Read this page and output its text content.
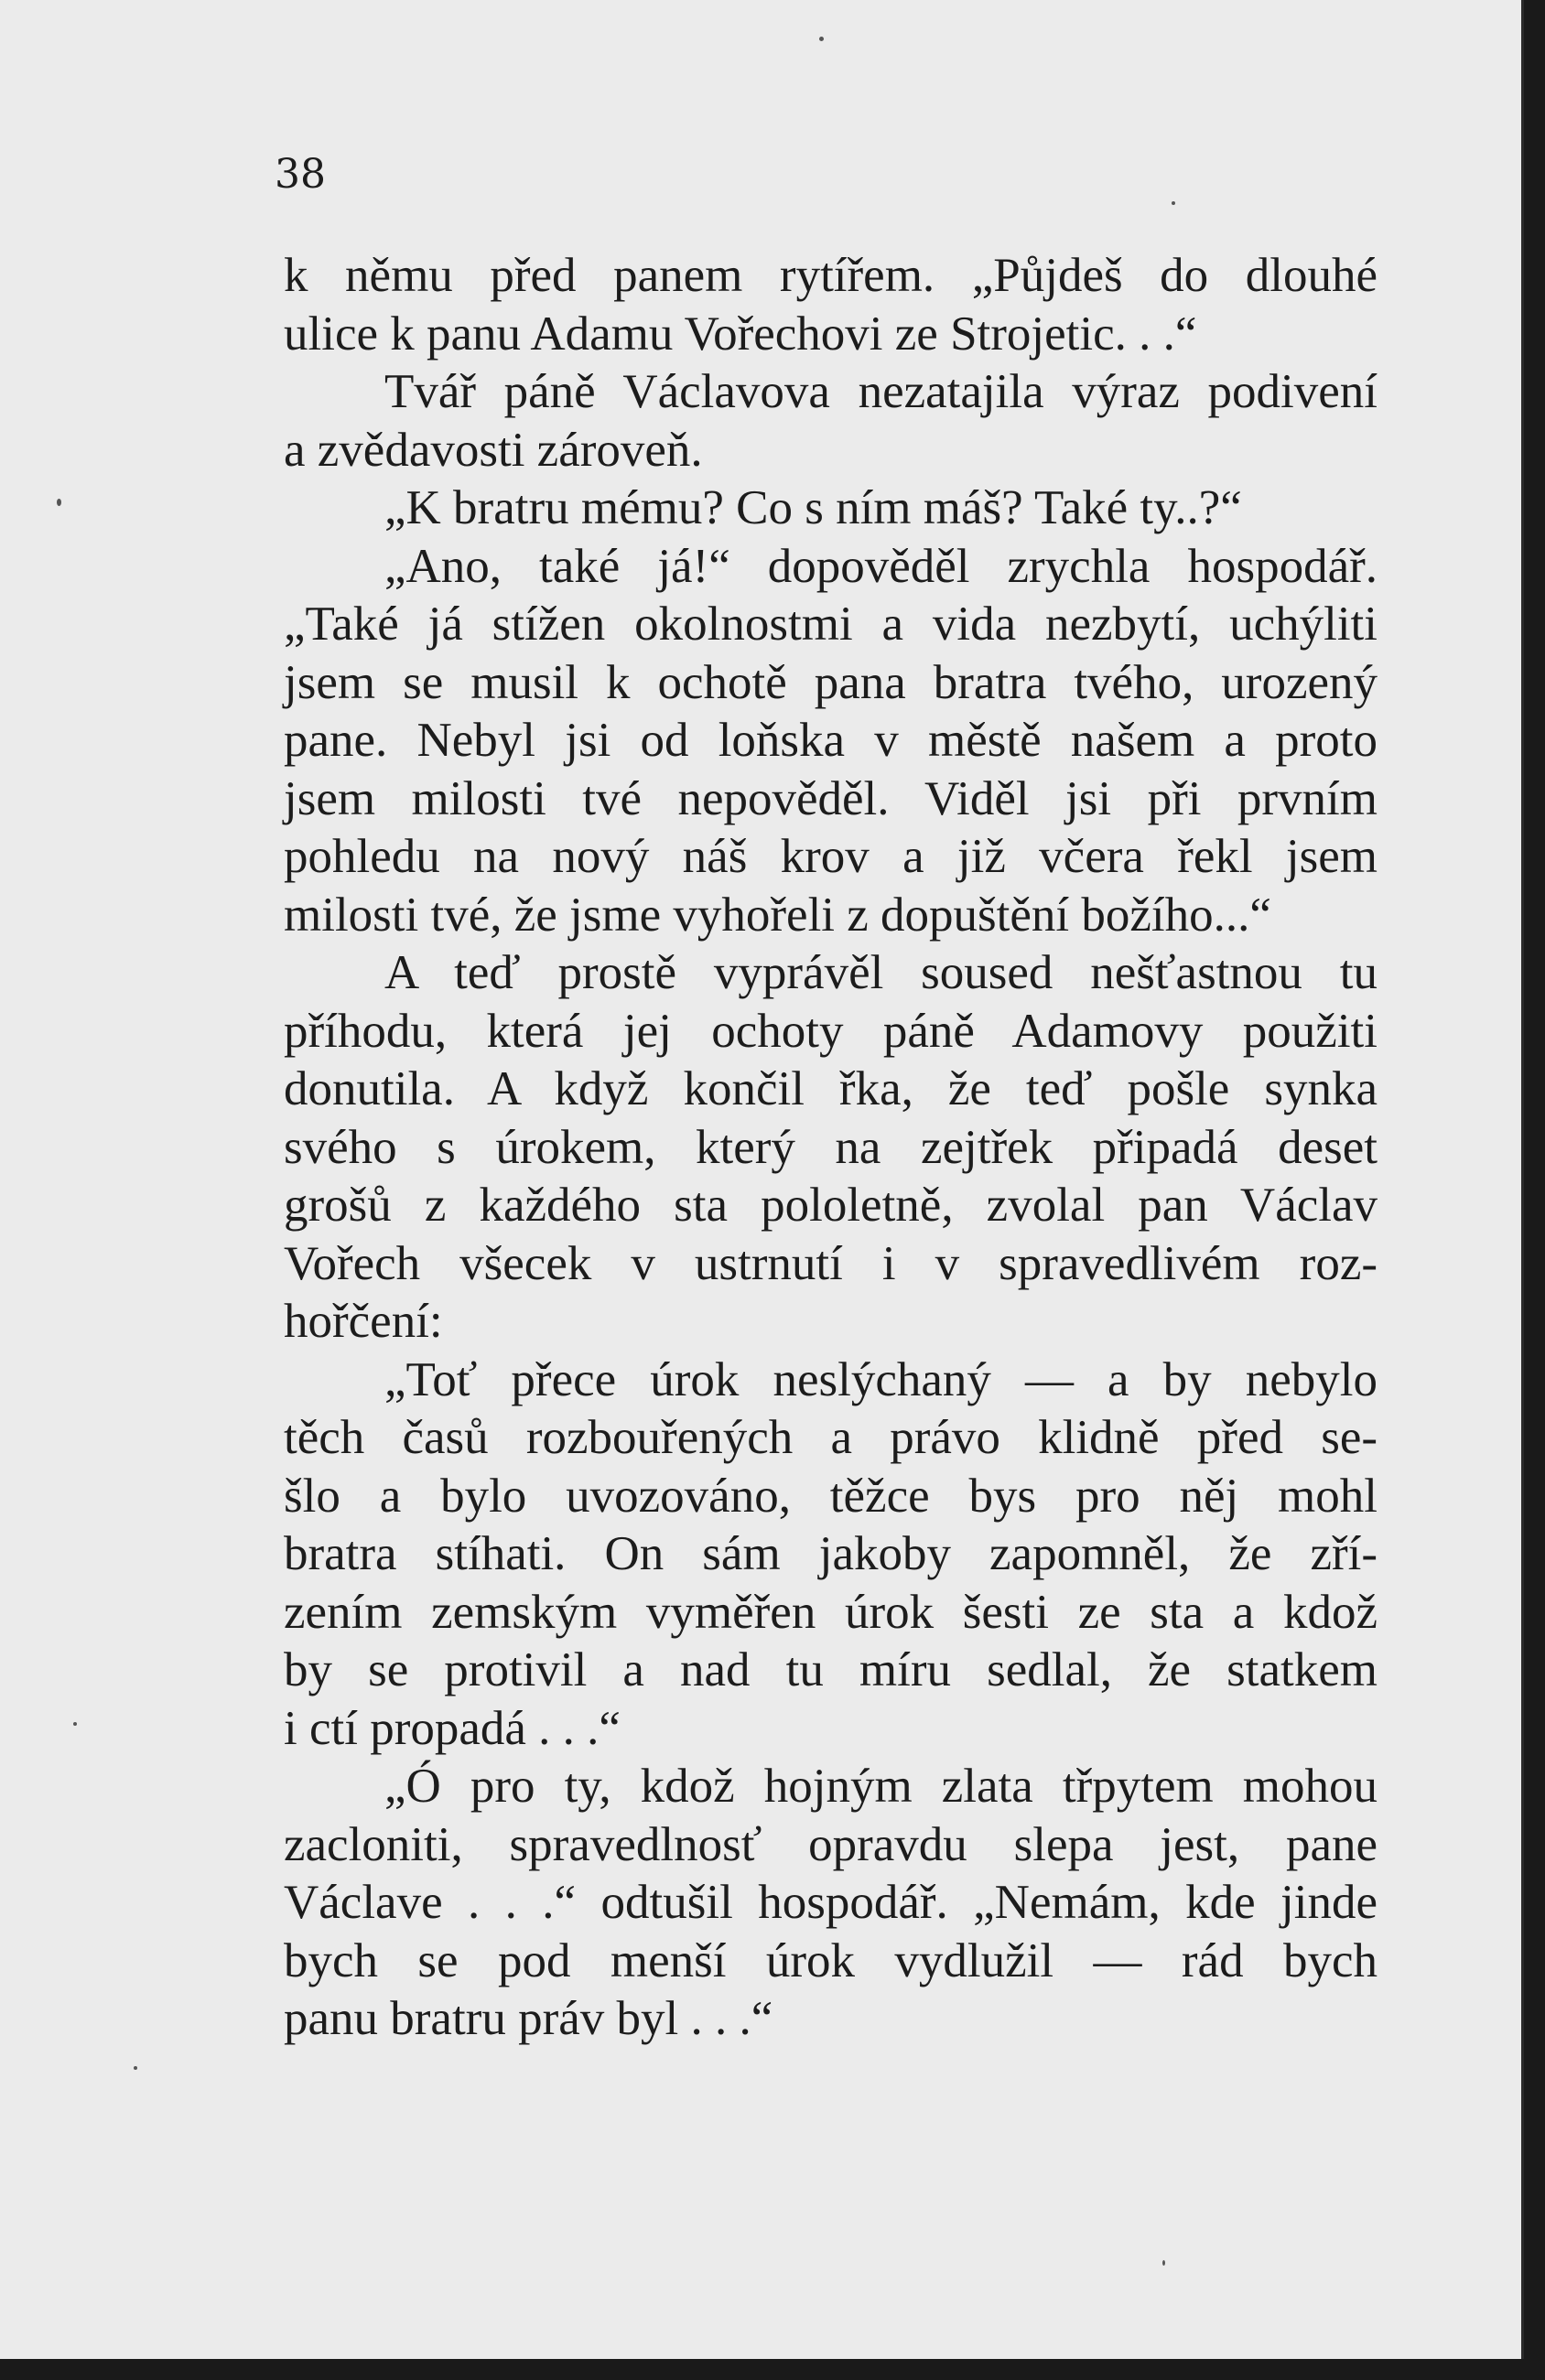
38

k němu před panem rytířem. „Půjdeš do dlouhé
ulice k panu Adamu Vořechovi ze Strojetic. . .“
Tvář páně Václavova nezatajila výraz podivení
a zvědavosti zároveň.
„K bratru mému? Co s ním máš? Také ty..?“
„Ano, také já!“ dopověděl zrychla hospodář.
„Také já stížen okolnostmi a vida nezbytí, uchýliti
jsem se musil k ochotě pana bratra tvého, urozený
pane. Nebyl jsi od loňska v městě našem a proto
jsem milosti tvé nepověděl. Viděl jsi při prvním
pohledu na nový náš krov a již včera řekl jsem
milosti tvé, že jsme vyhořeli z dopuštění božího...“
A teď prostě vyprávěl soused nešťastnou tu
příhodu, která jej ochoty páně Adamovy použiti
donutila. A když končil řka, že teď pošle synka
svého s úrokem, který na zejtřek připadá deset
grošů z každého sta pololetně, zvolal pan Václav
Vořech všecek v ustrnutí i v spravedlivém roz-
hořčení:
„Toť přece úrok neslýchaný — a by nebylo
těch časů rozbouřených a právo klidně před se-
šlo a bylo uvozováno, těžce bys pro něj mohl
bratra stíhati. On sám jakoby zapomněl, že zří-
zením zemským vyměřen úrok šesti ze sta a kdož
by se protivil a nad tu míru sedlal, že statkem
i ctí propadá . . .“
„Ó pro ty, kdož hojným zlata třpytem mohou
zacloniti, spravedlnosť opravdu slepa jest, pane
Václave . . .“ odtušil hospodář. „Nemám, kde jinde
bych se pod menší úrok vydlužil — rád bych
panu bratru práv byl . . .“
